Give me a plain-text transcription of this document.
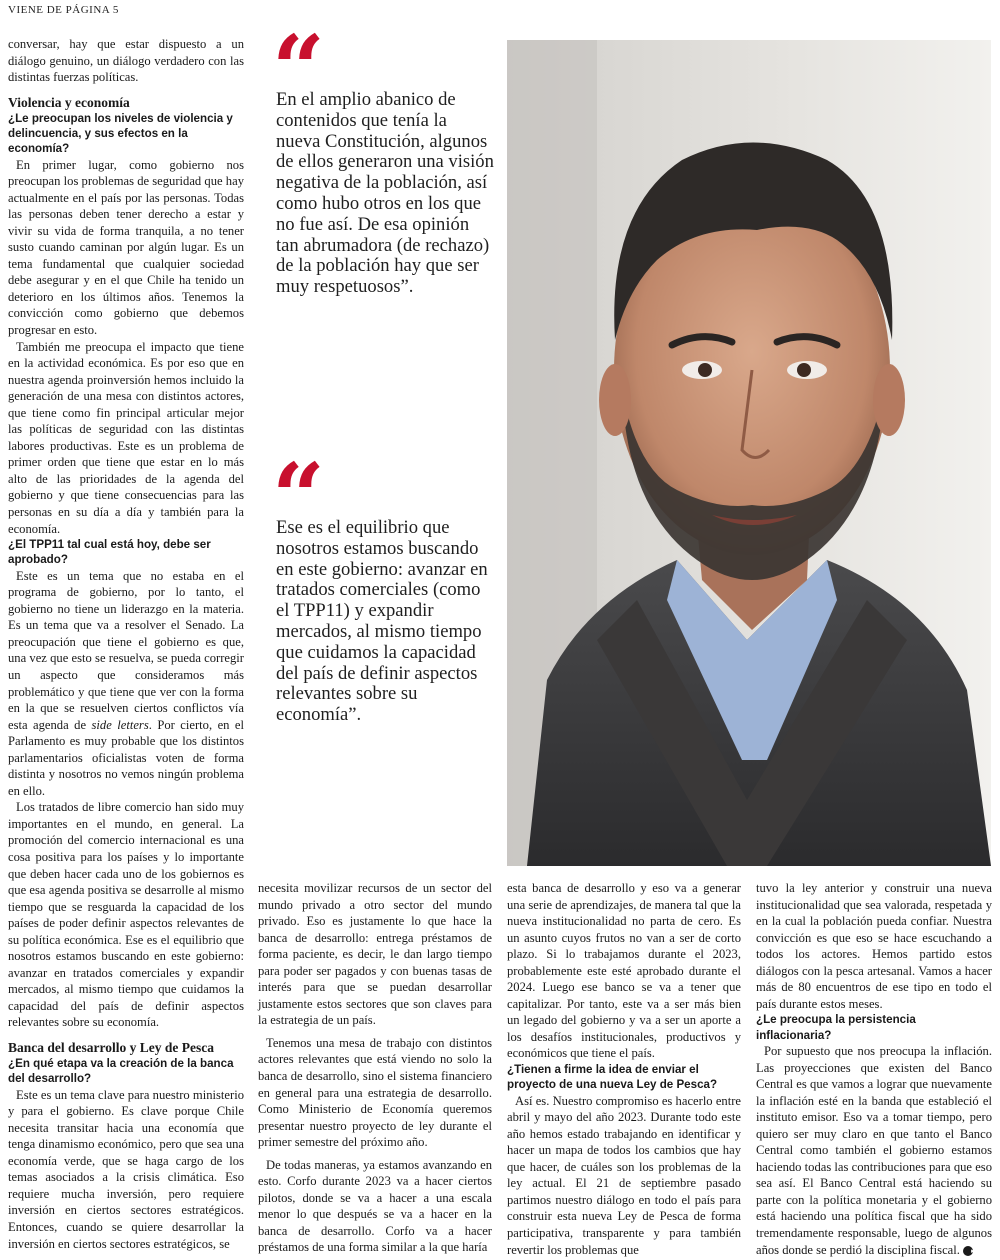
VIENE DE PÁGINA 5

conversar, hay que estar dispuesto a un diálogo genuino, un diálogo verdadero con las distintas fuerzas políticas.

Violencia y economía
¿Le preocupan los niveles de violencia y delincuencia, y sus efectos en la economía?

En primer lugar, como gobierno nos preocupan los problemas de seguridad que hay actualmente en el país por las personas. Todas las personas deben tener derecho a estar y vivir su vida de forma tranquila, a no tener susto cuando caminan por algún lugar. Es un tema fundamental que cualquier sociedad debe asegurar y en el que Chile ha tenido un deterioro en los últimos años. Tenemos la convicción como gobierno que debemos progresar en esto.

También me preocupa el impacto que tiene en la actividad económica. Es por eso que en nuestra agenda proinversión hemos incluido la generación de una mesa con distintos actores, que tiene como fin principal articular mejor las políticas de seguridad con las distintas labores productivas. Este es un problema de primer orden que tiene que estar en lo más alto de las prioridades de la agenda del gobierno y que tiene consecuencias para las personas en su día a día y también para la economía.

¿El TPP11 tal cual está hoy, debe ser aprobado?

Este es un tema que no estaba en el programa de gobierno, por lo tanto, el gobierno no tiene un liderazgo en la materia. Es un tema que va a resolver el Senado. La preocupación que tiene el gobierno es que, una vez que esto se resuelva, se pueda corregir un aspecto que consideramos más problemático y que tiene que ver con la forma en la que se resuelven ciertos conflictos vía esta agenda de side letters. Por cierto, en el Parlamento es muy probable que los distintos parlamentarios oficialistas voten de forma distinta y nosotros no vemos ningún problema en ello.

Los tratados de libre comercio han sido muy importantes en el mundo, en general. La promoción del comercio internacional es una cosa positiva para los países y lo importante que deben hacer cada uno de los gobiernos es que esa agenda positiva se desarrolle al mismo tiempo que se resguarda la capacidad de los países de poder definir aspectos relevantes de su política económica. Ese es el equilibrio que nosotros estamos buscando en este gobierno: avanzar en tratados comerciales y expandir mercados, al mismo tiempo que cuidamos la capacidad del país de definir aspectos relevantes sobre su economía.

Banca del desarrollo y Ley de Pesca
¿En qué etapa va la creación de la banca del desarrollo?

Este es un tema clave para nuestro ministerio y para el gobierno. Es clave porque Chile necesita transitar hacia una economía que tenga dinamismo económico, pero que sea una economía verde, que se haga cargo de los temas asociados a la crisis climática. Eso requiere mucha inversión, pero requiere inversión en ciertos sectores estratégicos. Entonces, cuando se quiere desarrollar la inversión en ciertos sectores estratégicos, se

“
En el amplio abanico de contenidos que tenía la nueva Constitución, algunos de ellos generaron una visión negativa de la población, así como hubo otros en los que no fue así. De esa opinión tan abrumadora (de rechazo) de la población hay que ser muy respetuosos”.
“
Ese es el equilibrio que nosotros estamos buscando en este gobierno: avanzar en tratados comerciales (como el TPP11) y expandir mercados, al mismo tiempo que cuidamos la capacidad del país de definir aspectos relevantes sobre su economía”.

necesita movilizar recursos de un sector del mundo privado a otro sector del mundo privado. Eso es justamente lo que hace la banca de desarrollo: entrega préstamos de forma paciente, es decir, le dan largo tiempo para poder ser pagados y con buenas tasas de interés para que se puedan desarrollar justamente estos sectores que son claves para la estrategia de un país.

Tenemos una mesa de trabajo con distintos actores relevantes que está viendo no solo la banca de desarrollo, sino el sistema financiero en general para una estrategia de desarrollo. Como Ministerio de Economía queremos presentar nuestro proyecto de ley durante el primer semestre del próximo año.

De todas maneras, ya estamos avanzando en esto. Corfo durante 2023 va a hacer ciertos pilotos, donde se va a hacer a una escala menor lo que después se va a hacer en la banca de desarrollo. Corfo va a hacer préstamos de una forma similar a la que haría

esta banca de desarrollo y eso va a generar una serie de aprendizajes, de manera tal que la nueva institucionalidad no parta de cero. Es un asunto cuyos frutos no van a ser de corto plazo. Si lo trabajamos durante el 2023, probablemente este esté aprobado durante el 2024. Luego ese banco se va a tener que capitalizar. Por tanto, este va a ser más bien un legado del gobierno y va a ser un aporte a los desafíos institucionales, productivos y económicos que tiene el país.

¿Tienen a firme la idea de enviar el proyecto de una nueva Ley de Pesca?

Así es. Nuestro compromiso es hacerlo entre abril y mayo del año 2023. Durante todo este año hemos estado trabajando en identificar y hacer un mapa de todos los cambios que hay que hacer, de cuáles son los problemas de la ley actual. El 21 de septiembre pasado partimos nuestro diálogo en todo el país para construir esta nueva Ley de Pesca de forma participativa, transparente y para también revertir los problemas que

tuvo la ley anterior y construir una nueva institucionalidad que sea valorada, respetada y en la cual la población pueda confiar. Nuestra convicción es que eso se hace escuchando a todos los actores. Hemos partido estos diálogos con la pesca artesanal. Vamos a hacer más de 80 encuentros de ese tipo en todo el país durante estos meses.

¿Le preocupa la persistencia inflacionaria?

Por supuesto que nos preocupa la inflación. Las proyecciones que existen del Banco Central es que vamos a lograr que nuevamente la inflación esté en la banda que estableció el instituto emisor. Eso va a tomar tiempo, pero quiero ser muy claro en que tanto el Banco Central como también el gobierno estamos haciendo todas las contribuciones para que eso sea así. El Banco Central está haciendo su parte con la política monetaria y el gobierno está haciendo una política fiscal que ha sido tremendamente responsable, luego de algunos años donde se perdió la disciplina fiscal. ▸
